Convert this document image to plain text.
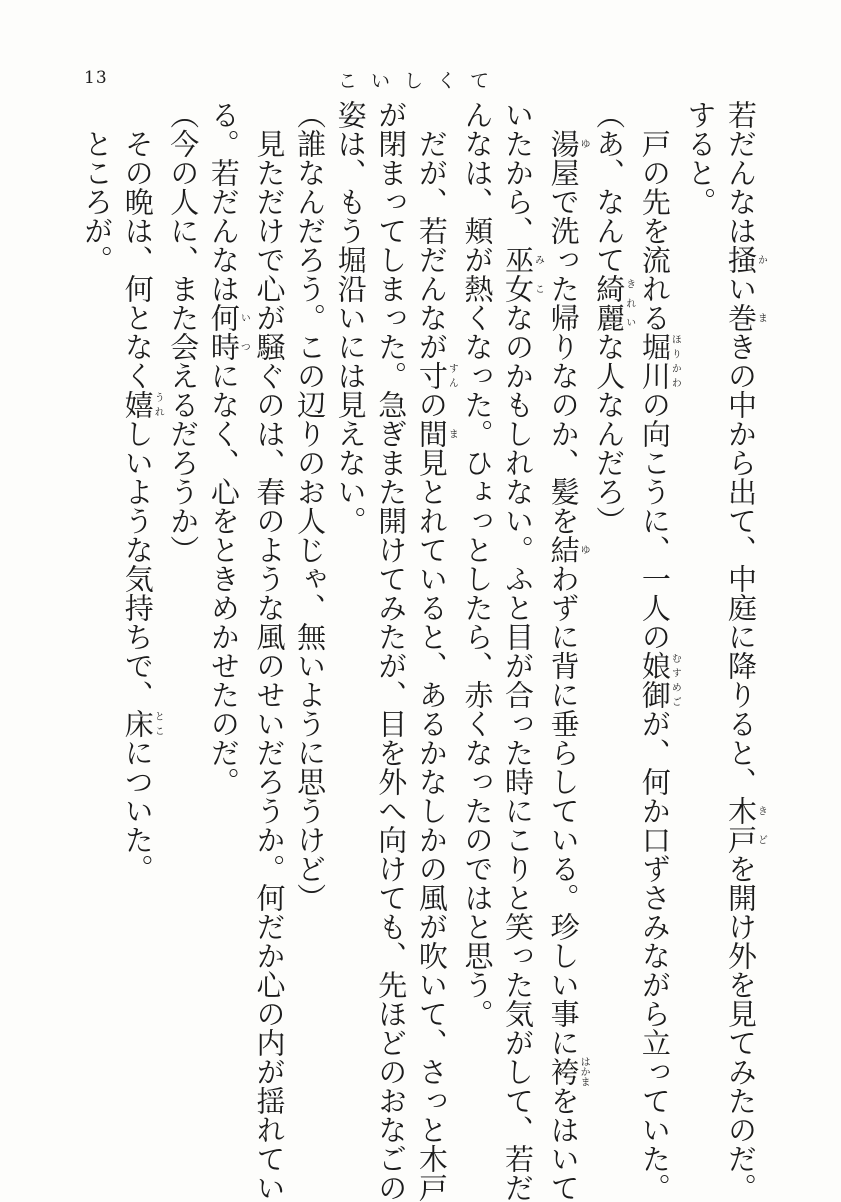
13	こいしくて
若だんなは掻かい巻まきの中から出て、中庭に降りると、木戸きどを開け外を見てみたのだ。
すると。
　戸の先を流れる堀川ほりかわの向こうに、一人の娘御むすめごが、何か口ずさみながら立っていた。
（あ、なんて綺麗きれいな人なんだろ）
　湯ゆ屋で洗った帰りなのか、髪を結ゆわずに背に垂らしている。珍しい事に袴はかまをはいて
いたから、巫女みこなのかもしれない。ふと目が合った時にこりと笑った気がして、若だ
んなは、頬が熱くなった。ひょっとしたら、赤くなったのではと思う。
　だが、若だんなが寸すんの間ま見とれていると、あるかなしかの風が吹いて、さっと木戸
が閉まってしまった。急ぎまた開けてみたが、目を外へ向けても、先ほどのおなごの
姿は、もう堀沿いには見えない。
（誰なんだろう。この辺りのお人じゃ、無いように思うけど）
　見ただけで心が騒ぐのは、春のような風のせいだろうか。何だか心の内が揺れてい
る。若だんなは何時いつになく、心をときめかせたのだ。
（今の人に、また会えるだろうか）
　その晩は、何となく嬉うれしいような気持ちで、床とこについた。
　ところが。
